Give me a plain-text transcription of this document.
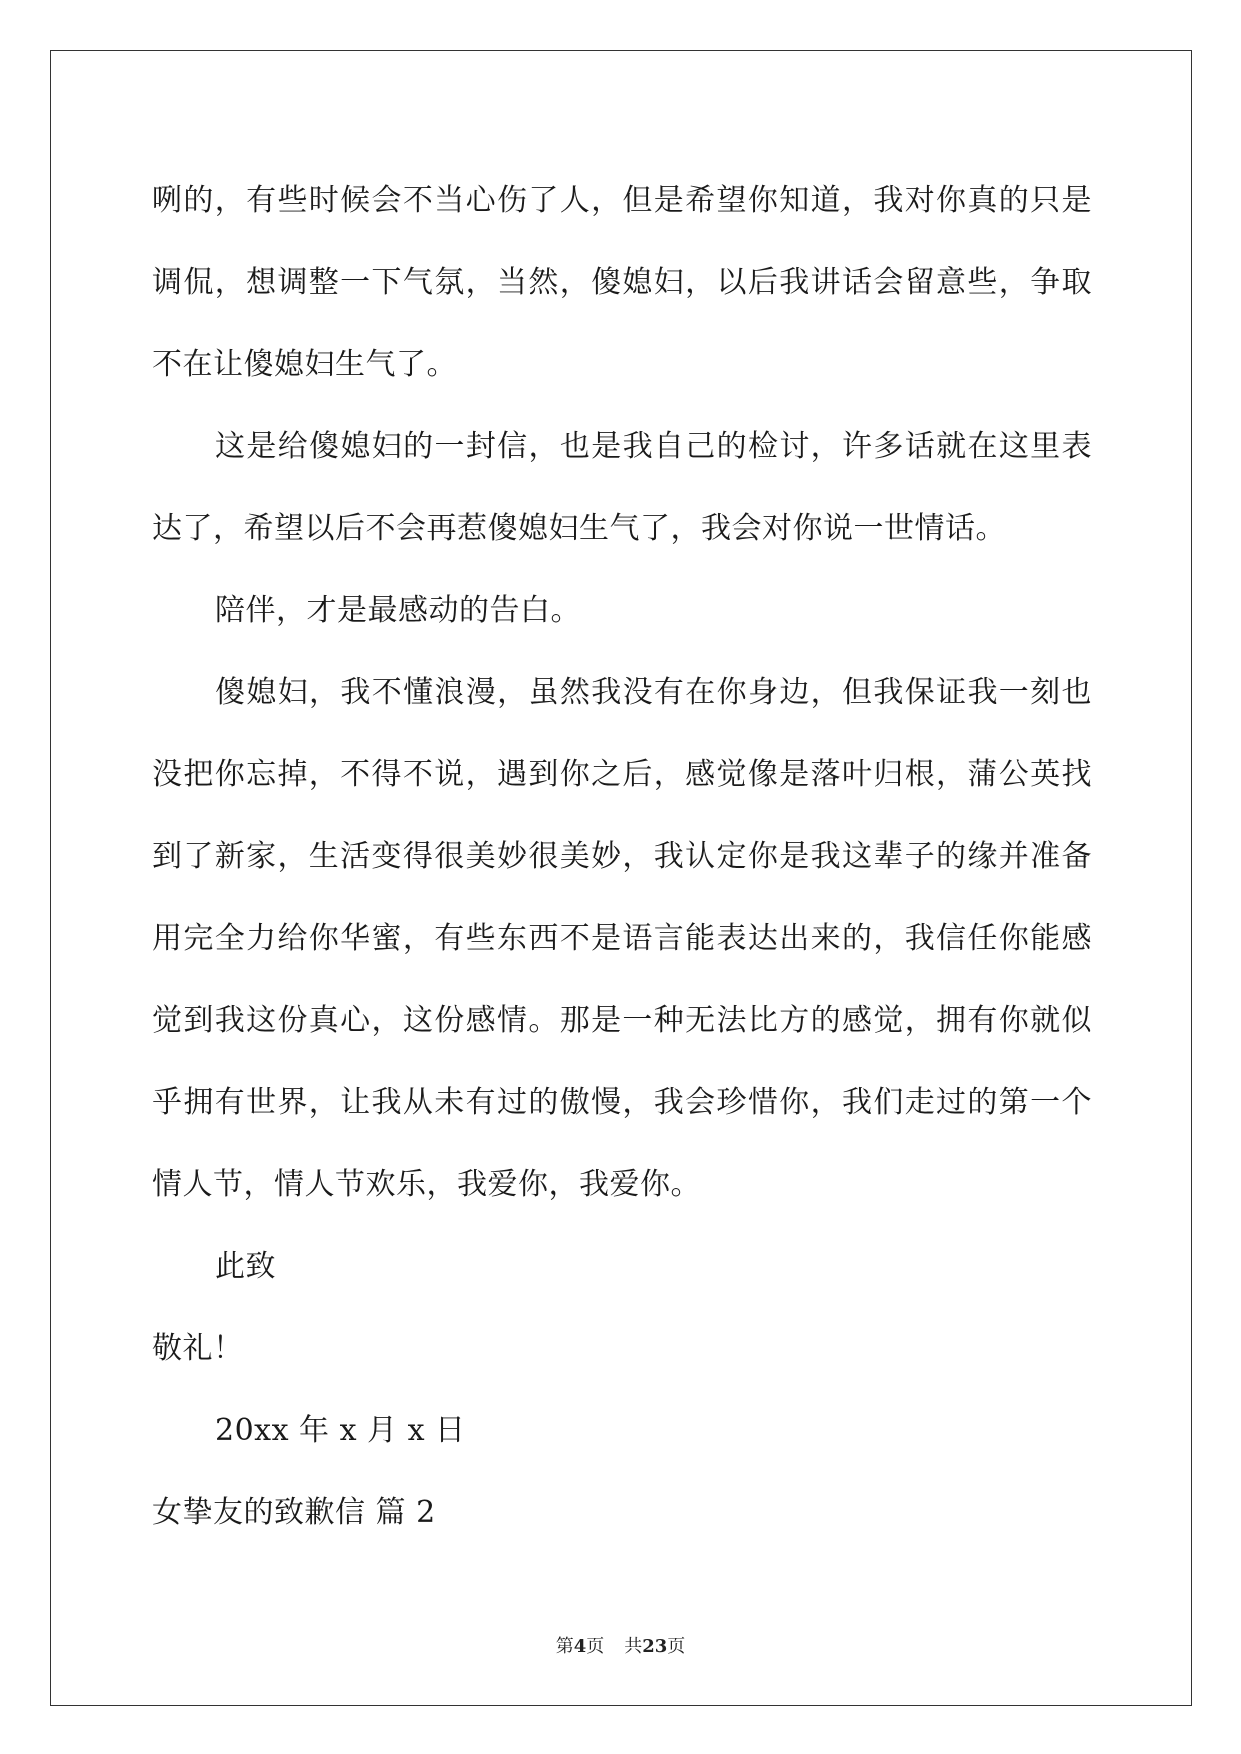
咧的，有些时候会不当心伤了人，但是希望你知道，我对你真的只是
调侃，想调整一下气氛，当然，傻媳妇，以后我讲话会留意些，争取
不在让傻媳妇生气了。
这是给傻媳妇的一封信，也是我自己的检讨，许多话就在这里表
达了，希望以后不会再惹傻媳妇生气了，我会对你说一世情话。
陪伴，才是最感动的告白。
傻媳妇，我不懂浪漫，虽然我没有在你身边，但我保证我一刻也
没把你忘掉，不得不说，遇到你之后，感觉像是落叶归根，蒲公英找
到了新家，生活变得很美妙很美妙，我认定你是我这辈子的缘并准备
用完全力给你华蜜，有些东西不是语言能表达出来的，我信任你能感
觉到我这份真心，这份感情。那是一种无法比方的感觉，拥有你就似
乎拥有世界，让我从未有过的傲慢，我会珍惜你，我们走过的第一个
情人节，情人节欢乐，我爱你，我爱你。
此致
敬礼！
20xx 年 x 月 x 日
女挚友的致歉信 篇 2
第4页 共23页
